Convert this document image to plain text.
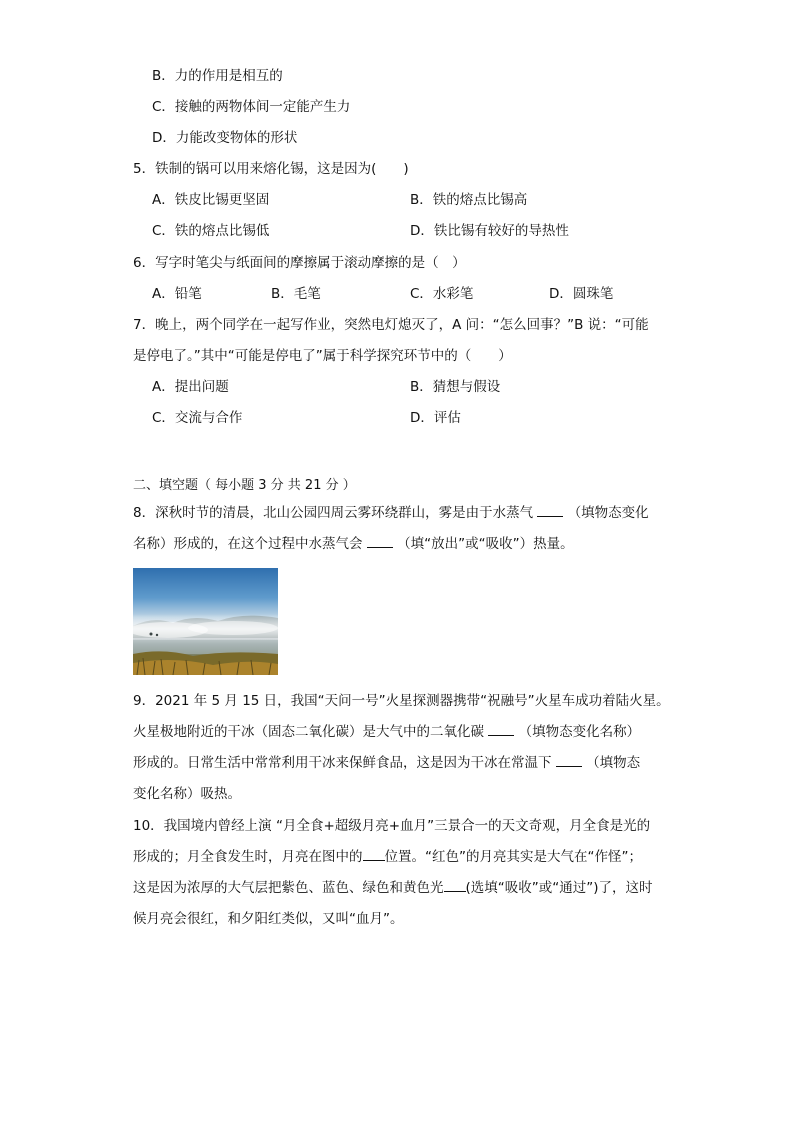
B．力的作用是相互的
C．接触的两物体间一定能产生力
D．力能改变物体的形状
5．铁制的锅可以用来熔化锡，这是因为(　　)
A．铁皮比锡更坚固	B．铁的熔点比锡高
C．铁的熔点比锡低	D．铁比锡有较好的导热性
6．写字时笔尖与纸面间的摩擦属于滚动摩擦的是（　）
A．铅笔	B．毛笔	C．水彩笔	D．圆珠笔
7．晚上，两个同学在一起写作业，突然电灯熄灭了，A 问：“怎么回事？”B 说：“可能
是停电了。”其中“可能是停电了”属于科学探究环节中的（　　）
A．提出问题	B．猜想与假设
C．交流与合作	D．评估
二、填空题（ 每小题 3 分 共 21 分 ）
8．深秋时节的清晨，北山公园四周云雾环绕群山，雾是由于水蒸气	（填物态变化
名称）形成的，在这个过程中水蒸气会	（填“放出”或“吸收”）热量。
9．2021 年 5 月 15 日，我国“天问一号”火星探测器携带“祝融号”火星车成功着陆火星。
火星极地附近的干冰（固态二氧化碳）是大气中的二氧化碳	（填物态变化名称）
形成的。日常生活中常常利用干冰来保鲜食品，这是因为干冰在常温下	（填物态
变化名称）吸热。
10．我国境内曾经上演 “月全食+超级月亮+血月”三景合一的天文奇观，月全食是光的
形成的；月全食发生时，月亮在图中的 位置。“红色”的月亮其实是大气在“作怪”；
这是因为浓厚的大气层把紫色、蓝色、绿色和黄色光 (选填“吸收”或“通过”)了，这时
候月亮会很红，和夕阳红类似，又叫“血月”。
